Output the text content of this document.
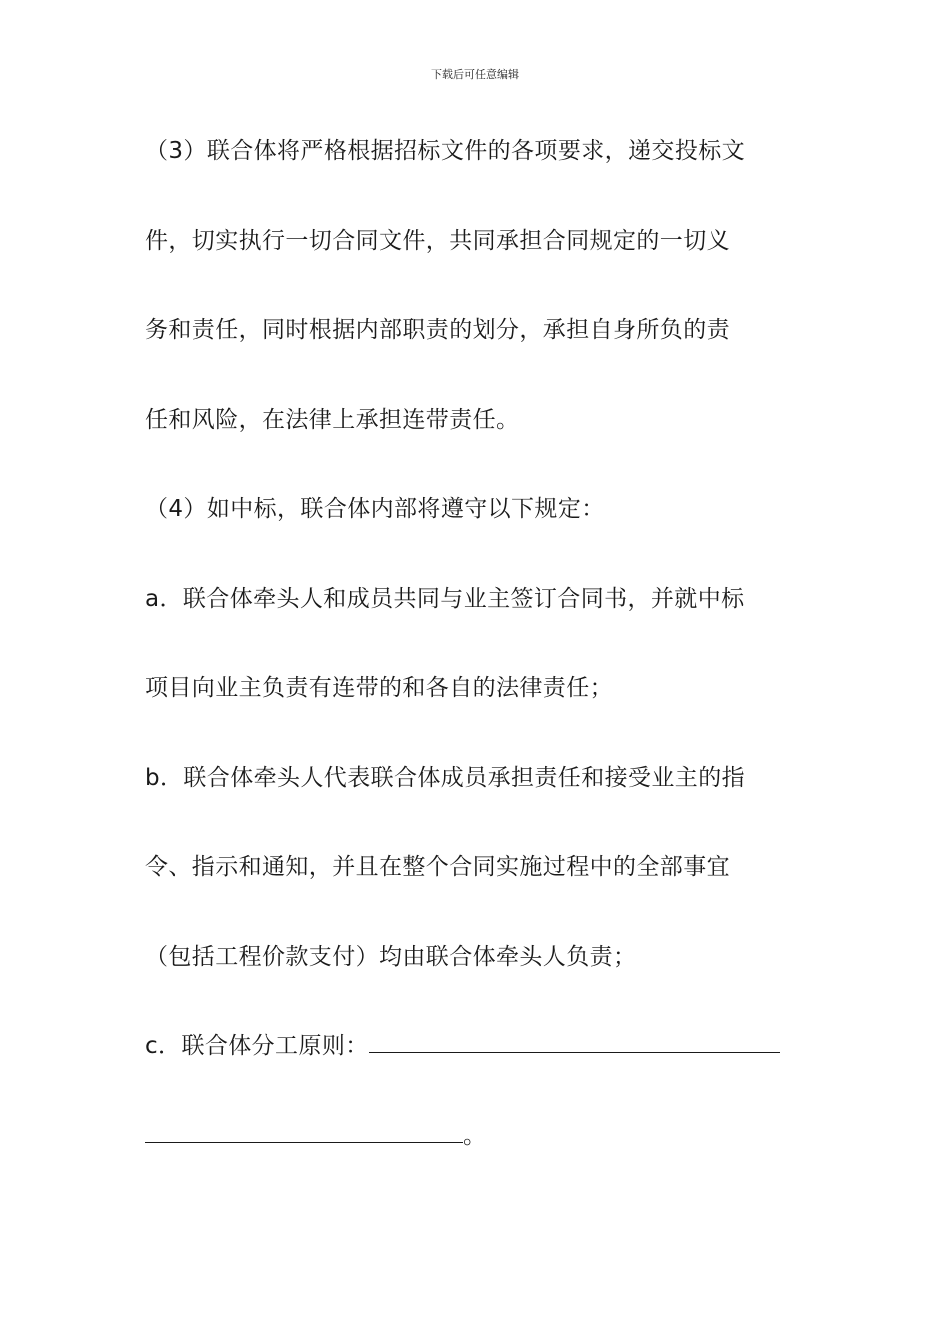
下载后可任意编辑
（3）联合体将严格根据招标文件的各项要求，递交投标文
件，切实执行一切合同文件，共同承担合同规定的一切义
务和责任，同时根据内部职责的划分，承担自身所负的责
任和风险，在法律上承担连带责任。
（4）如中标，联合体内部将遵守以下规定：
a．联合体牵头人和成员共同与业主签订合同书，并就中标
项目向业主负责有连带的和各自的法律责任；
b．联合体牵头人代表联合体成员承担责任和接受业主的指
令、指示和通知，并且在整个合同实施过程中的全部事宜
（包括工程价款支付）均由联合体牵头人负责；
c．联合体分工原则：
。
